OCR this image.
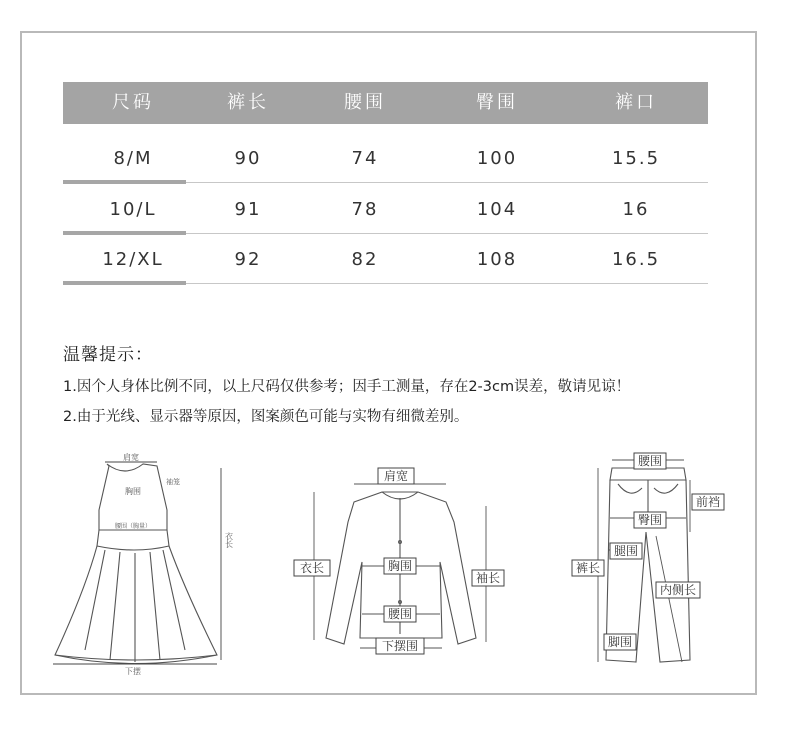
尺码	裤长	腰围	臀围	裤口
8/M	90	74	100	15.5
10/L	91	78	104	16
12/XL	92	82	108	16.5
温馨提示：
1.因个人身体比例不同，以上尺码仅供参考；因手工测量，存在2-3cm误差，敬请见谅！
2.由于光线、显示器等原因，图案颜色可能与实物有细微差别。
肩宽
胸围
袖笼
腰围（胸量）
衣长
下摆
肩宽
衣长	胸围
袖长
腰围
下摆围
腰围
前裆
臀围
腿围
裤长
内侧长
脚围
